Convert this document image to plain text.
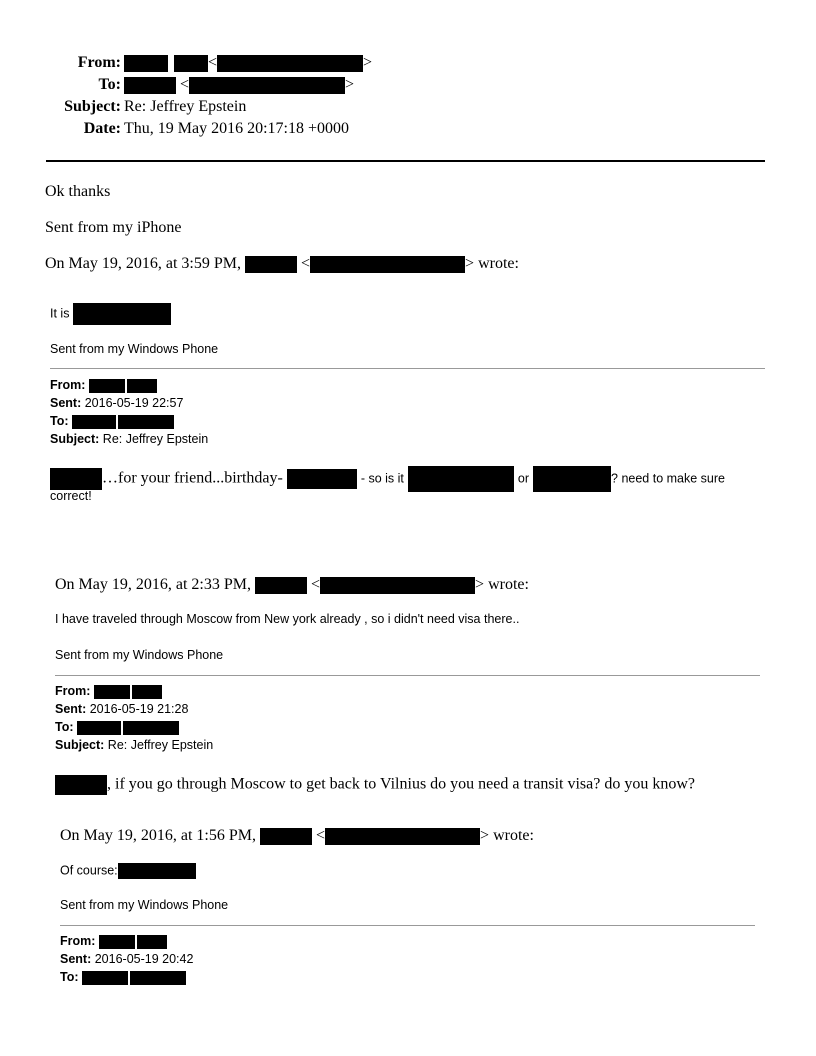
From:	<	>
To:	<	>
Subject: Re: Jeffrey Epstein
Date: Thu, 19 May 2016 20:17:18 +0000
Ok thanks
Sent from my iPhone
On May 19, 2016, at 3:59 PM,	<	> wrote:
It is
Sent from my Windows Phone
From:
Sent: 2016-05-19 22:57
To:
Subject: Re: Jeffrey Epstein
…for your friend...birthday-	- so is it	or	? need to make sure
correct!
On May 19, 2016, at 2:33 PM,	<	> wrote:
I have traveled through Moscow from New york already , so i didn't need visa there..
Sent from my Windows Phone
From:
Sent: 2016-05-19 21:28
To:
Subject: Re: Jeffrey Epstein
, if you go through Moscow to get back to Vilnius do you need a transit visa? do you know?
On May 19, 2016, at 1:56 PM,	<	> wrote:
Of course:
Sent from my Windows Phone
From:
Sent: 2016-05-19 20:42
To:
